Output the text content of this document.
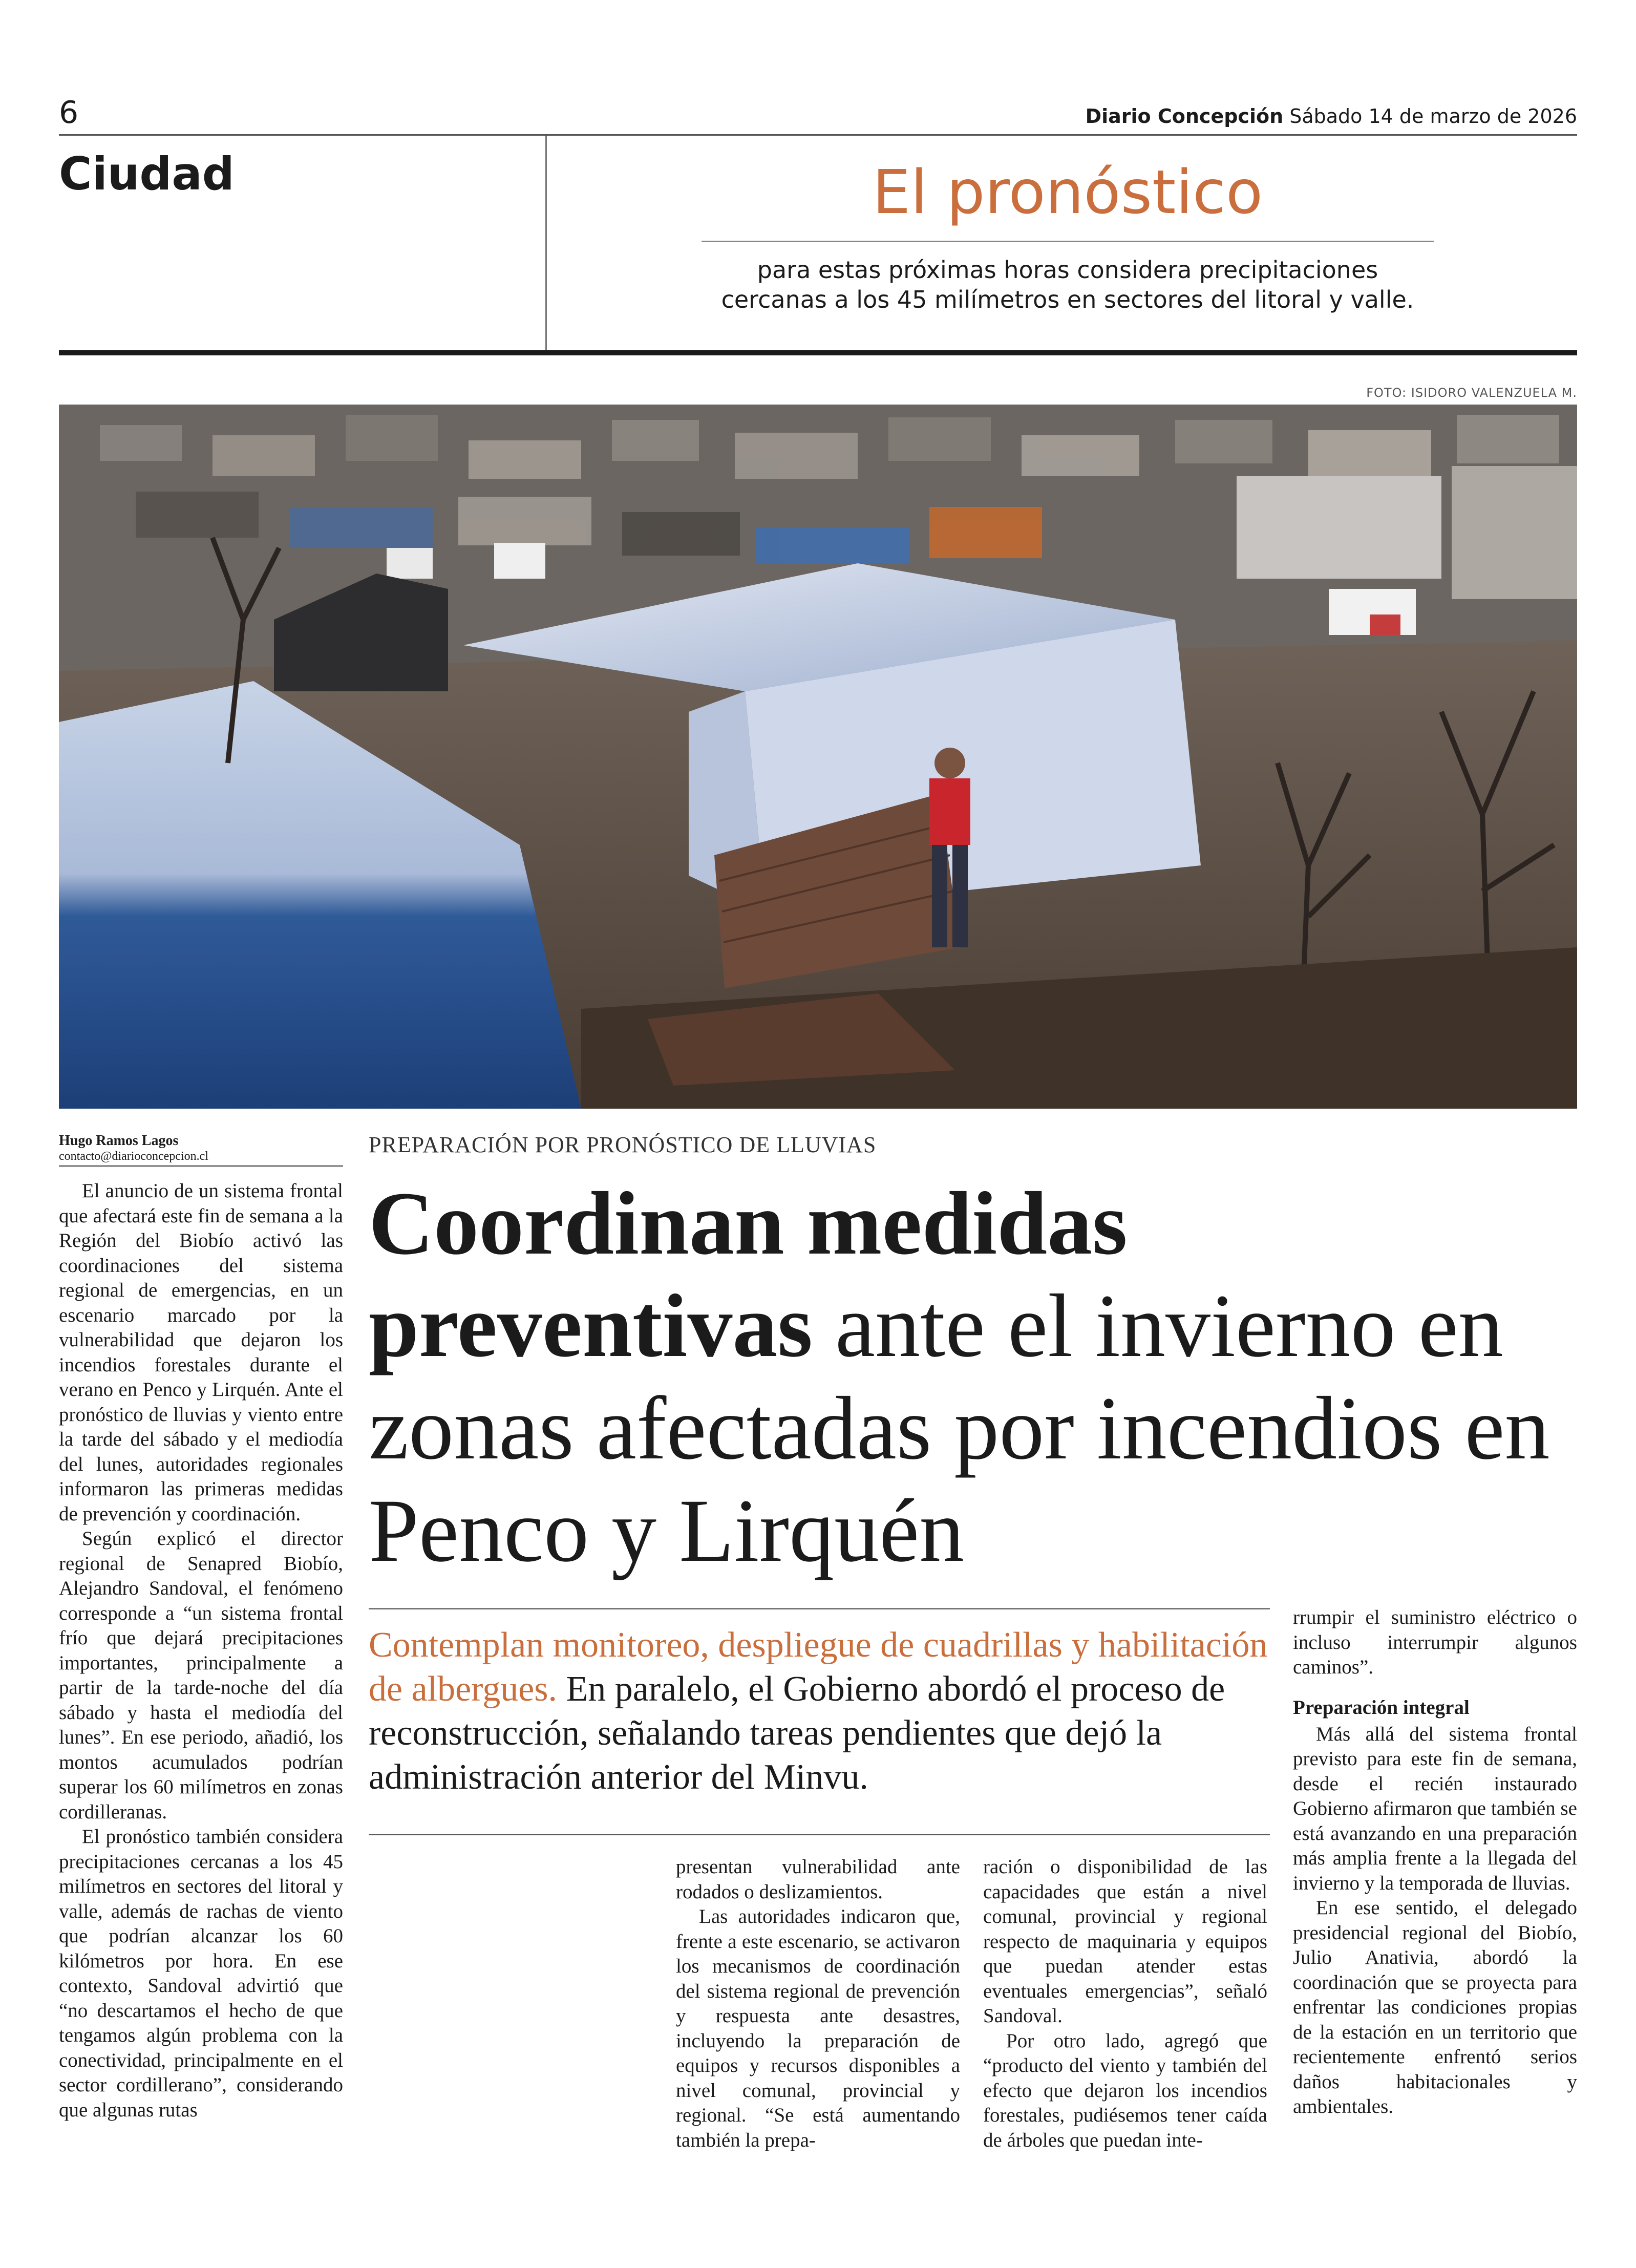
6	Diario Concepción Sábado 14 de marzo de 2026
Ciudad	El pronóstico
para estas próximas horas considera precipitaciones cercanas a los 45 milímetros en sectores del litoral y valle.
FOTO: ISIDORO VALENZUELA M.
Hugo Ramos Lagos
contacto@diarioconcepcion.cl	PREPARACIÓN POR PRONÓSTICO DE LLUVIAS
Coordinan medidas preventivas ante el invierno en zonas afectadas por incendios en Penco y Lirquén
Contemplan monitoreo, despliegue de cuadrillas y habilitación de albergues. En paralelo, el Gobierno abordó el proceso de reconstrucción, señalando tareas pendientes que dejó la administración anterior del Minvu.

El anuncio de un sistema frontal que afectará este fin de semana a la Región del Biobío activó las coordinaciones del sistema regional de emergencias, en un escenario marcado por la vulnerabilidad que dejaron los incendios forestales durante el verano en Penco y Lirquén. Ante el pronóstico de lluvias y viento entre la tarde del sábado y el mediodía del lunes, autoridades regionales informaron las primeras medidas de prevención y coordinación.

Según explicó el director regional de Senapred Biobío, Alejandro Sandoval, el fenómeno corresponde a “un sistema frontal frío que dejará precipitaciones importantes, principalmente a partir de la tarde-noche del día sábado y hasta el mediodía del lunes”. En ese periodo, añadió, los montos acumulados podrían superar los 60 milímetros en zonas cordilleranas.

El pronóstico también considera precipitaciones cercanas a los 45 milímetros en sectores del litoral y valle, además de rachas de viento que podrían alcanzar los 60 kilómetros por hora. En ese contexto, Sandoval advirtió que “no descartamos el hecho de que tengamos algún problema con la conectividad, principalmente en el sector cordillerano”, considerando que algunas rutas

presentan vulnerabilidad ante rodados o deslizamientos.

Las autoridades indicaron que, frente a este escenario, se activaron los mecanismos de coordinación del sistema regional de prevención y respuesta ante desastres, incluyendo la preparación de equipos y recursos disponibles a nivel comunal, provincial y regional. “Se está aumentando también la prepa-

ración o disponibilidad de las capacidades que están a nivel comunal, provincial y regional respecto de maquinaria y equipos que puedan atender estas eventuales emergencias”, señaló Sandoval.

Por otro lado, agregó que “producto del viento y también del efecto que dejaron los incendios forestales, pudiésemos tener caída de árboles que puedan inte-

rrumpir el suministro eléctrico o incluso interrumpir algunos caminos”.

Preparación integral

Más allá del sistema frontal previsto para este fin de semana, desde el recién instaurado Gobierno afirmaron que también se está avanzando en una preparación más amplia frente a la llegada del invierno y la temporada de lluvias.

En ese sentido, el delegado presidencial regional del Biobío, Julio Anativia, abordó la coordinación que se proyecta para enfrentar las condiciones propias de la estación en un territorio que recientemente enfrentó serios daños habitacionales y ambientales.
